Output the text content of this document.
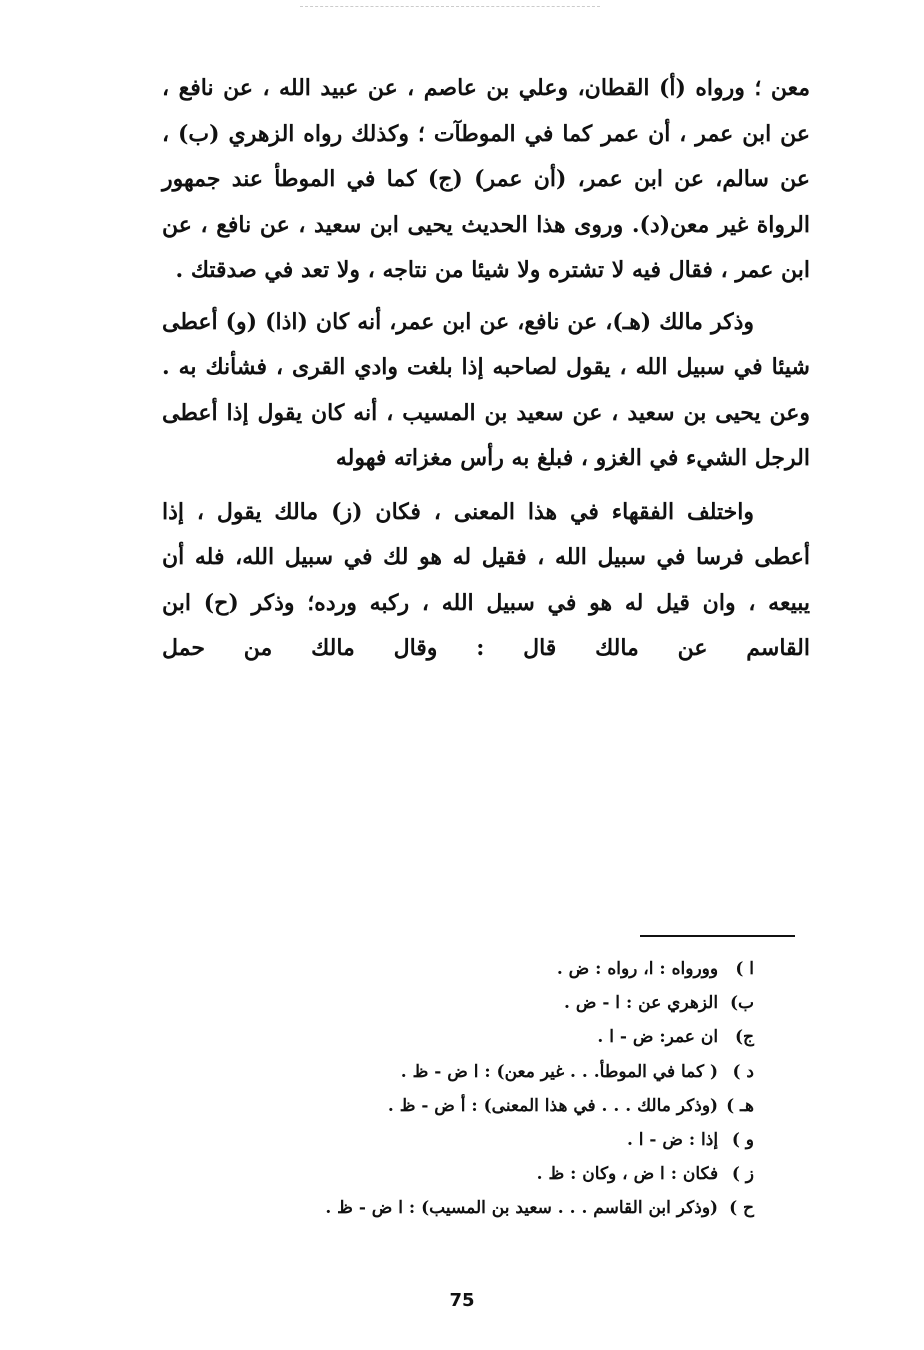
معن ؛ ورواه (أ) القطان، وعلي بن عاصم ، عن عبيد الله ، عن نافع ، عن ابن عمر ، أن عمر كما في الموطآت ؛ وكذلك رواه الزهري (ب) ، عن سالم، عن ابن عمر، (أن عمر) (ج) كما في الموطأ عند جمهور الرواة غير معن(د). وروى هذا الحديث يحيى ابن سعيد ، عن نافع ، عن ابن عمر ، فقال فيه لا تشتره ولا شيئا من نتاجه ، ولا تعد في صدقتك .

وذكر مالك (هـ)، عن نافع، عن ابن عمر، أنه كان (اذا) (و) أعطى شيئا في سبيل الله ، يقول لصاحبه إذا بلغت وادي القرى ، فشأنك به . وعن يحيى بن سعيد ، عن سعيد بن المسيب ، أنه كان يقول إذا أعطى الرجل الشيء في الغزو ، فبلغ به رأس مغزاته فهوله

واختلف الفقهاء في هذا المعنى ، فكان (ز) مالك يقول ، إذا أعطى فرسا في سبيل الله ، فقيل له هو لك في سبيل الله، فله أن يبيعه ، وان قيل له هو في سبيل الله ، ركبه ورده؛ وذكر (ح) ابن القاسم عن مالك قال : وقال مالك من حمل

ا ) وورواه : ا، رواه : ض .
ب) الزهري عن : ا - ض .
ج) ان عمر: ض - ا .
د ) ( كما في الموطأ. . . غير معن) : ا ض - ظ .
هـ ) (وذكر مالك . . . في هذا المعنى) : أ ض - ظ .
و ) إذا : ض - ا .
ز ) فكان : ا ض ، وكان : ظ .
ح ) (وذكر ابن القاسم . . . سعيد بن المسيب) : ا ض - ظ .
75
